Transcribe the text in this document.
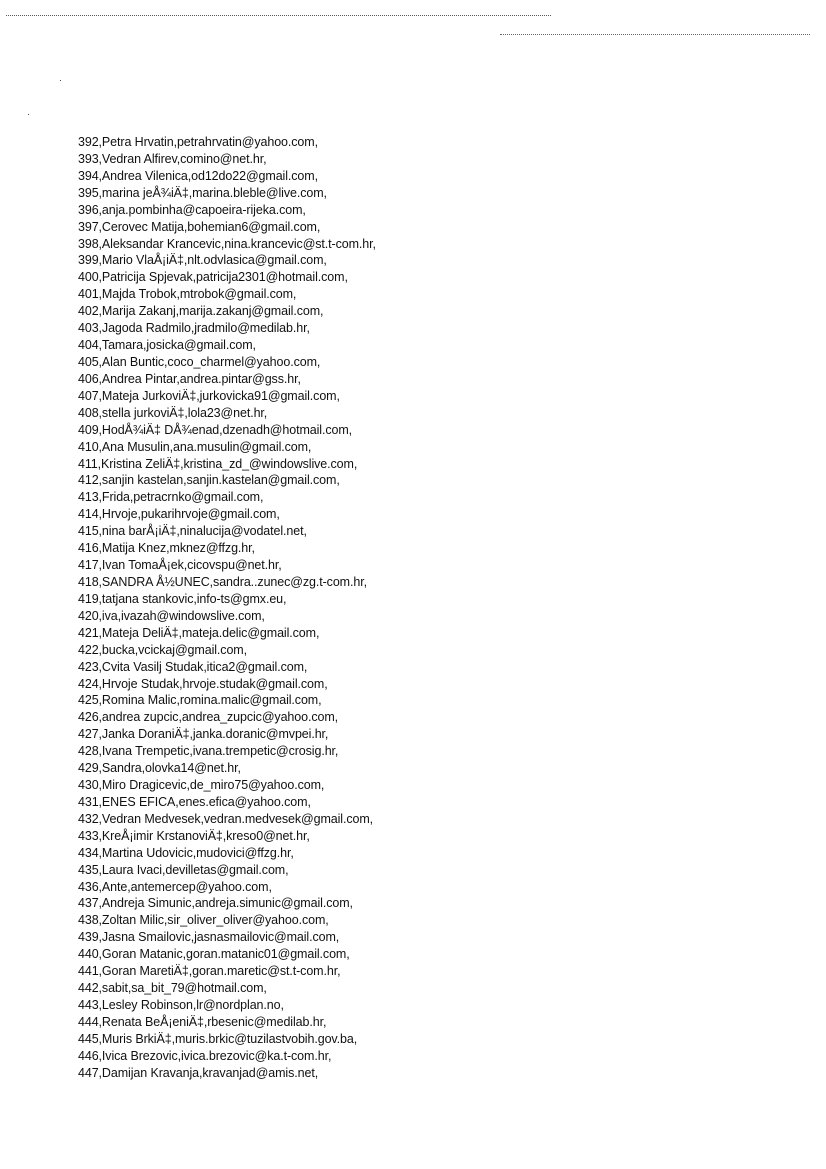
392,Petra Hrvatin,petrahrvatin@yahoo.com,
393,Vedran Alfirev,comino@net.hr,
394,Andrea Vilenica,od12do22@gmail.com,
395,marina jeÅ¾iÄ‡,marina.bleble@live.com,
396,anja.pombinha@capoeira-rijeka.com,
397,Cerovec Matija,bohemian6@gmail.com,
398,Aleksandar Krancevic,nina.krancevic@st.t-com.hr,
399,Mario VlaÅ¡iÄ‡,nlt.odvlasica@gmail.com,
400,Patricija Spjevak,patricija2301@hotmail.com,
401,Majda Trobok,mtrobok@gmail.com,
402,Marija Zakanj,marija.zakanj@gmail.com,
403,Jagoda Radmilo,jradmilo@medilab.hr,
404,Tamara,josicka@gmail.com,
405,Alan Buntic,coco_charmel@yahoo.com,
406,Andrea Pintar,andrea.pintar@gss.hr,
407,Mateja JurkoviÄ‡,jurkovicka91@gmail.com,
408,stella jurkoviÄ‡,lola23@net.hr,
409,HodÅ¾iÄ‡ DÅ¾enad,dzenadh@hotmail.com,
410,Ana Musulin,ana.musulin@gmail.com,
411,Kristina ZeliÄ‡,kristina_zd_@windowslive.com,
412,sanjin kastelan,sanjin.kastelan@gmail.com,
413,Frida,petracrnko@gmail.com,
414,Hrvoje,pukarihrvoje@gmail.com,
415,nina barÅ¡iÄ‡,ninalucija@vodatel.net,
416,Matija Knez,mknez@ffzg.hr,
417,Ivan TomaÅ¡ek,cicovspu@net.hr,
418,SANDRA Å½UNEC,sandra..zunec@zg.t-com.hr,
419,tatjana stankovic,info-ts@gmx.eu,
420,iva,ivazah@windowslive.com,
421,Mateja DeliÄ‡,mateja.delic@gmail.com,
422,bucka,vcickaj@gmail.com,
423,Cvita Vasilj Studak,itica2@gmail.com,
424,Hrvoje Studak,hrvoje.studak@gmail.com,
425,Romina Malic,romina.malic@gmail.com,
426,andrea zupcic,andrea_zupcic@yahoo.com,
427,Janka DoraniÄ‡,janka.doranic@mvpei.hr,
428,Ivana Trempetic,ivana.trempetic@crosig.hr,
429,Sandra,olovka14@net.hr,
430,Miro Dragicevic,de_miro75@yahoo.com,
431,ENES EFICA,enes.efica@yahoo.com,
432,Vedran Medvesek,vedran.medvesek@gmail.com,
433,KreÅ¡imir KrstanoviÄ‡,kreso0@net.hr,
434,Martina Udovicic,mudovici@ffzg.hr,
435,Laura Ivaci,devilletas@gmail.com,
436,Ante,antemercep@yahoo.com,
437,Andreja Simunic,andreja.simunic@gmail.com,
438,Zoltan Milic,sir_oliver_oliver@yahoo.com,
439,Jasna Smailovic,jasnasmailovic@mail.com,
440,Goran Matanic,goran.matanic01@gmail.com,
441,Goran MaretiÄ‡,goran.maretic@st.t-com.hr,
442,sabit,sa_bit_79@hotmail.com,
443,Lesley Robinson,lr@nordplan.no,
444,Renata BeÅ¡eniÄ‡,rbesenic@medilab.hr,
445,Muris BrkiÄ‡,muris.brkic@tuzilastvobih.gov.ba,
446,Ivica Brezovic,ivica.brezovic@ka.t-com.hr,
447,Damijan Kravanja,kravanjad@amis.net,
